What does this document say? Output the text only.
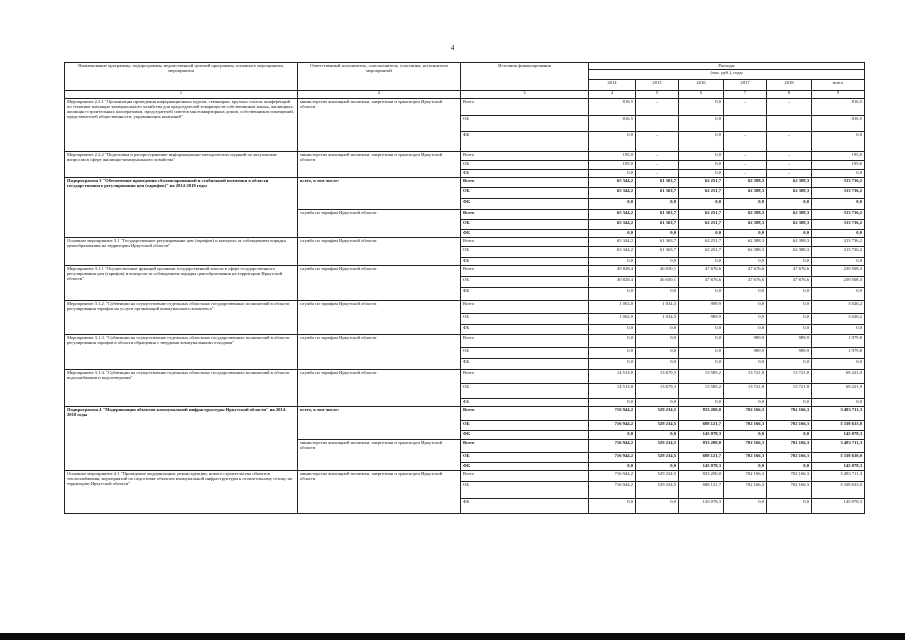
4
Наименование программы, подпрограммы, ведомственной целевой программы, основного мероприятия, мероприятия	Ответственный исполнитель, соисполнитель, участники, исполнители мероприятий	Источник финансирования	Расходы					
			(тыс. руб.), годы					
			2014	2015	2016	2017	2018	всего
1	2	3	4	5	6	7	8	9
Мероприятие 2.2.1 "Организация проведения информационных курсов, семинаров, круглых столов, конференций по тематике жилищно-коммунального хозяйства для председателей товариществ собственников жилья, жилищных, жилищно-строительных кооперативов, председателей советов многоквартирных домов, собственников помещений, представителей общественности, управляющих компаний"	министерство жилищной политики, энергетики и транспорта Иркутской области	Всего	816,5	–	0,0	–	–	816,5
		ОБ	816,5		0,0			816,5
		ФБ	0,0	–	0,0	–	–	0,0
Мероприятие 2.2.2 "Подготовка и распространение информационно-методических изданий по актуальным вопросам в сфере жилищно-коммунального хозяйства"	министерство жилищной политики, энергетики и транспорта Иркутской области	Всего	195,0	–	0,0	–	–	195,0
		ОБ	195,0	–	0,0	–	–	195,0
		ФБ	0,0	–	0,0	–	–	0,0
Подпрограмма 3 "Обеспечение проведения сбалансированной и стабильной политики в области государственного регулирования цен (тарифов)" на 2014-2018 годы	всего, в том числе:	Всего	65 344,2	61 363,7	62 251,7	62 388,3	62 388,3	313 736,2
		ОБ	65 344,2	61 363,7	62 251,7	62 388,3	62 388,3	313 736,2
		ФБ	0,0	0,0	0,0	0,0	0,0	0,0
	служба по тарифам Иркутской области	Всего	65 344,2	61 363,7	62 251,7	62 388,3	62 388,3	313 736,2
		ОБ	65 344,2	61 363,7	62 251,7	62 388,3	62 388,3	313 736,2
		ФБ	0,0	0,0	0,0	0,0	0,0	0,0
Основное мероприятие 3.1 "Государственное регулирование цен (тарифов) и контроль за соблюдением порядка ценообразования на территории Иркутской области"	служба по тарифам Иркутской области	Всего	65 344,2	61 363,7	62 251,7	62 388,3	62 388,3	313 736,2
		ОБ	63 344,2	61 363,7	62 251,7	62 388,3	62 388,3	313 736,2
		ФБ	0,0	0,0	0,0	0,0	0,0	0,0
Мероприятие 3.1.1 "Осуществление функций органами государственной власти в сфере государственного регулирования цен (тарифов) и контроля за соблюдением порядка ценообразования на территории Иркутской области"	служба по тарифам Иркутской области	Всего	49 828,4	46 650,1	47 676,6	47 676,6	47 676,6	239 508,3
		ОБ	49 828,4	46 650,1	47 676,6	47 676,6	47 676,6	239 508,3
		ФБ	0,0	0,0	0,0	0,0	0,0	0,0
Мероприятие 3.1.2. "Субвенции на осуществление отдельных областных государственных полномочий в области регулирования тарифов на услуги организаций коммунального комплекса"	служба по тарифам Иркутской области	Всего	1 002,0	1 034,3	989,9	0,0	0,0	3 026,2
		ОБ	1 002,0	1 034,3	989,9	0,0	0,0	3 026,2
		ФБ	0,0	0,0	0,0	0,0	0,0	0,0
Мероприятие 3.1.3. "Субвенции на осуществление отдельных областных государственных полномочий в области регулирования тарифов в области обращения с твердыми коммунальными отходами"	служба по тарифам Иркутской области	Всего	0,0	0,0	0,0	989,9	989,9	1 979,8
		ОБ	0,0	0,0	0,0	989,9	989,9	1 979,8
		ФБ	0,0	0,0	0,0	0,0	0,0	0,0
Мероприятие 3.1.4. "Субвенции на осуществление отдельных областных государственных полномочий в области водоснабжения и водоотведения"	служба по тарифам Иркутской области	Всего	14 513,8	13 679,3	13 585,2	13 721,8	13 721,8	69 221,9
		ОБ	14 513,8	13 679,3	13 585,2	13 721,8	13 721,8	69 221,9
		ФБ	0,0	0,0	0,0	0,0	0,0	0,0
Подпрограмма 4 "Модернизация объектов коммунальной инфраструктуры Иркутской области" на 2014-2018 годы	всего, в том числе:	Всего	716 944,2	529 234,5	833 200,0	702 166,3	702 166,3	3 483 711,3
		ОБ	716 944,2	529 234,5	688 121,7	702 166,3	702 166,3	3 338 633,0
		ФБ	0,0	0,0	145 078,3	0,0	0,0	145 078,3
	министерство жилищной политики, энергетики и транспорта Иркутской области	Всего	716 944,2	529 234,5	833 200,0	702 166,3	702 166,3	3 483 711,3
		ОБ	716 944,2	529 234,5	688 121,7	702 166,3	702 166,3	3 338 630,0
		ФБ	0,0	0,0	145 078,3	0,0	0,0	145 078,3
Основное мероприятие 4.1 "Проведение модернизации, реконструкции, нового строительства объектов теплоснабжения, мероприятий по подготовке объектов коммунальной инфраструктуры к отопительному сезону на территории Иркутской области"	министерство жилищной политики, энергетики и транспорта Иркутской области	Всего	716 944,2	529 234,5	833 200,0	702 166,3	702 166,3	3 483 711,3
		ОБ	716 944,2	529 234,5	688 121,7	702 166,3	702 166,3	3 338 633,0
		ФБ	0,0	0,0	145 078,3	0,0	0,0	145 078,3
